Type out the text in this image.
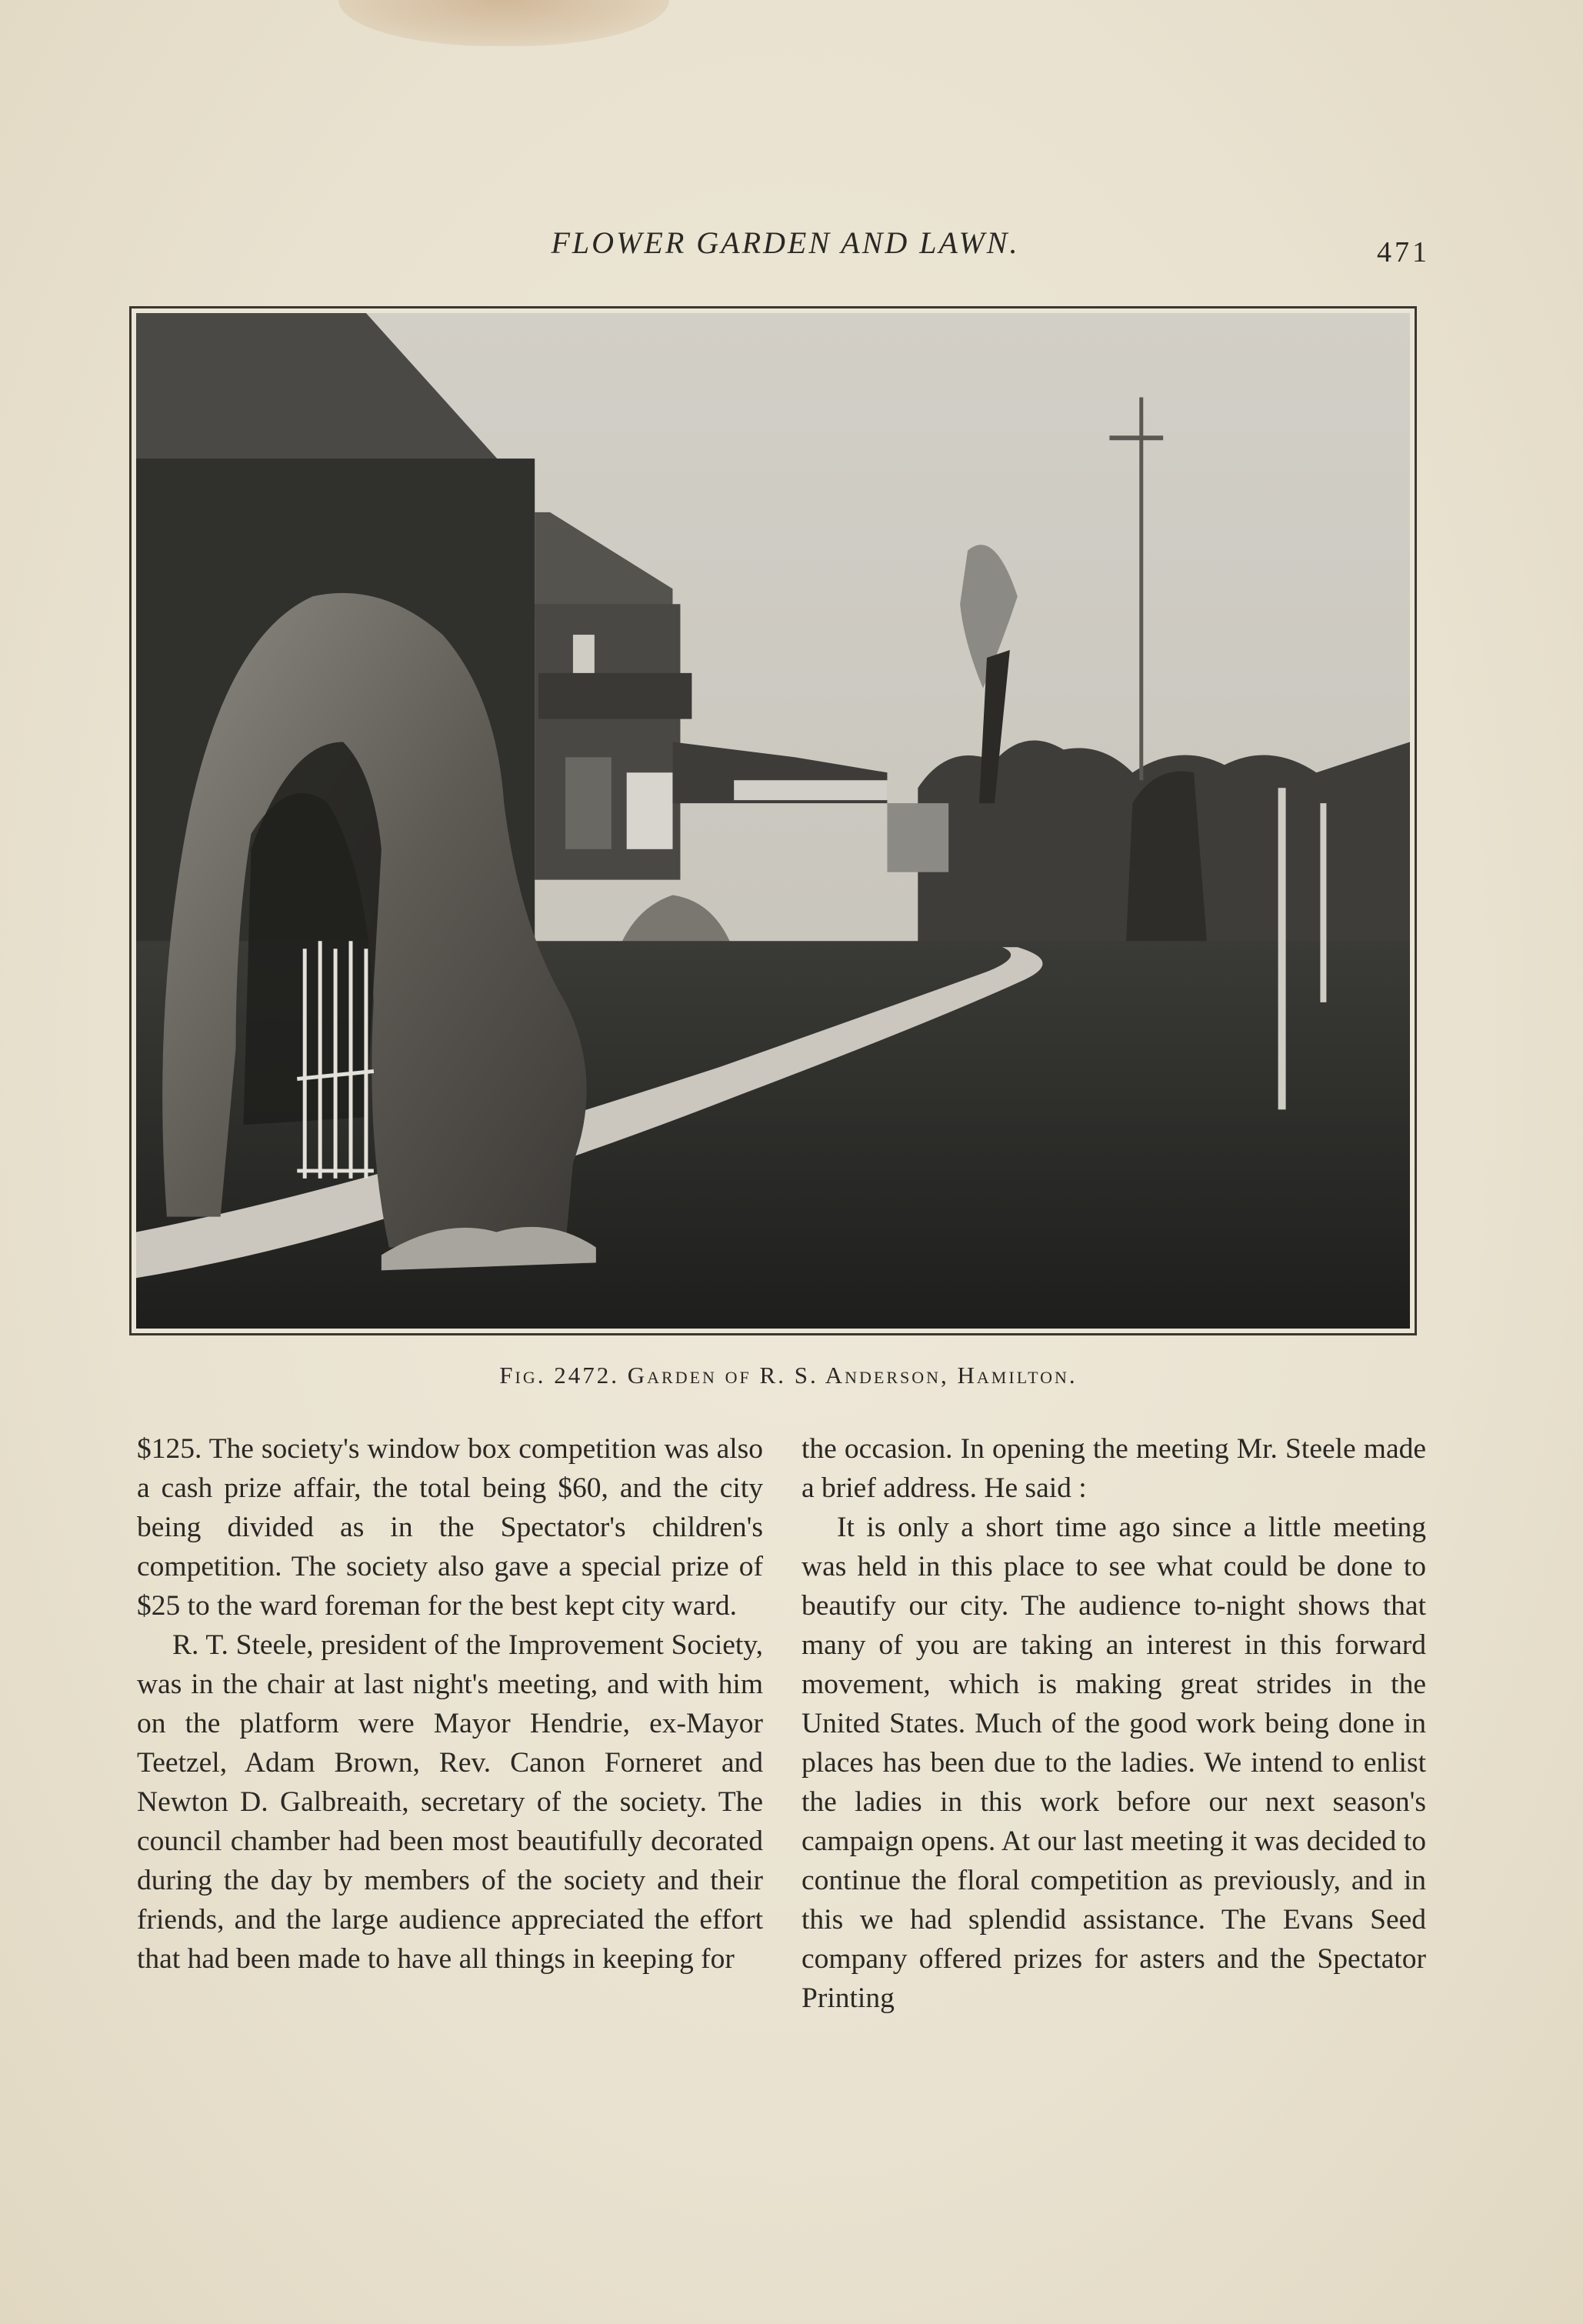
FLOWER GARDEN AND LAWN.	471
Fig. 2472. Garden of R. S. Anderson, Hamilton.

$125. The society's window box competition was also a cash prize affair, the total being $60, and the city being divided as in the Spectator's children's competition. The society also gave a special prize of $25 to the ward foreman for the best kept city ward.

R. T. Steele, president of the Improvement Society, was in the chair at last night's meeting, and with him on the platform were Mayor Hendrie, ex-Mayor Teetzel, Adam Brown, Rev. Canon Forneret and Newton D. Galbreaith, secretary of the society. The council chamber had been most beautifully decorated during the day by members of the society and their friends, and the large audience appreciated the effort that had been made to have all things in keeping for

the occasion. In opening the meeting Mr. Steele made a brief address. He said :

It is only a short time ago since a little meeting was held in this place to see what could be done to beautify our city. The audience to-night shows that many of you are taking an interest in this forward movement, which is making great strides in the United States. Much of the good work being done in places has been due to the ladies. We intend to enlist the ladies in this work before our next season's campaign opens. At our last meeting it was decided to continue the floral competition as previously, and in this we had splendid assistance. The Evans Seed company offered prizes for asters and the Spectator Printing
